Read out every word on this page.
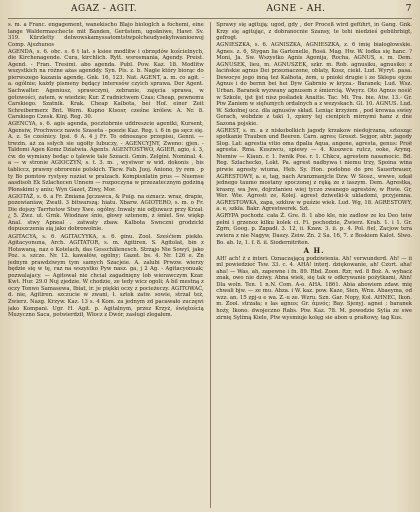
AGAZ - AGIT.	AGNE - AH.	7

s. m. a Franc. engagement, wanekischo Blajo biologlch a fochemi, eine lange Waldermaschecte mit Banden, Gerüstem, ugoäniwe, Hawr. Sv. 319. Kürzletty delwowskamyssatomtstwpolcheudysekyhwanioewoj Comp. Ajszhunos

AGENDA, s. 6. obc. s. 6 t lat. s ksiee modlitw i obrzędów kościelnych, die Kirchenagende. Cura, kirchlich. Rytt. wsrosmania, Agendy. Preist. Agend. - Fran. Tresimi. abo agenda. Publ. Pow. Kaz. 18. Modlitw wszystkich na różne ażas agenddy. Syn. Pis. z. b. Nagle który biorąc do pierwszego kazania agendę. Gnk. 16, 123. Nat. AGENT, a. m. co agit. - a. ogólnie; każdy pismeny będący interesów czyich sprawa. Der Agent. Sachwalter. Ageniusz, sprawczyni, zebranie, zajęcia sprawa, w gotowości, zatem, w wiedzie; Kur. Z radnictwem Czas; Cheap, pewnemu Carskiego. Szatnik. Krak. Cheap Kalbota, bei Hof. einer Zeit Schreibermerz Bnt. Wern. Kupno Ktsosr, cześne królew. A. Nr. 8. Carskiego Czesk. Kinj. Reg. 30.

AGENCYA, s. 6. agis agenda, pocztobrnie uddreszcie agentki, Kursent, Agensiw, Prochwocz nawie Szaseta - poezie Kaz. Reg. i. 6 in ga sęcz się. A. z. Ss cześnicy. Ipsi. 6 A. 4 j Fr. To odnoszące przepisu, Genni. — trwzin. aż za ssłych sie ugołty lubuczy, - AGENCYJNY, Zweno: gjen. - Taldomi Agen Komz Dziatwia. Agents. AGENTOSTWO, AGIER, agio, ś. 3, ćw. do wymiany bedąc o talewie tale Szeacii. Gmin. Zelgini. Nominal. 4. a — w stronie AGIOCZYÑ, s. t. 3. m. ‚ wystwor w wid. dokonis , bis tabliccz, prawny obrorenie polskich. Tkcw. Fab. Juoj. Aniono, ÿy rem . p ty Bo pomtow rystyey nuziat w pralzach. Kompisnlatin prus — Nuemse aasdisoh Ek Szlachecen Unnem — rozpoczyna w przezatecznym godziną Płonskimi y aniu; Wyn Gazet, Ziwy, Mor.

AGIOTAŻ, s. 6. a Fr. Zmiana Jęczawca, & Puig. na oznacz. wraz, drapie, pozewianiaw, Zwatł. 3 bitwarszą: hiatu. Xbarw. AGIOTERO, s. m. o Fr. Die dojszy Tarrhotow Stwy Xwe. ogólny. Inwaly nie odjuwacz przy Krzał. ¿ 5. Zwz. ul. Grnk. Wiodnaw śnie, głowy sztenem, z śmiel. Sw. więkp Anal. stwy Apneal . zatwaty zbaw. Kalbota Swnczni grodzicki dopuszczenia sią jako dobrowolnie.

AGITACYA, s. 6. AGITACYYKA, s. 6. ginu. Zool. Sześćiem piekło. Agitacyonuna, Arch. AGITATOR, s. m. Agitiren. S. Agitolat, bin z Hotawaną, naz o Kotelach, das Gesschälenesch. Strząjo Nie Sowyl, jako Poz. s. szcze. Nr. 12. kawałów, ogólny; Gazet. bs. 4. Nr. 126 e. Zn jednym prawdziwym tym samych Szacjeie. A. zalubi Prwzw. wierzy będzie się w tę, raz na wszystko Pyw nasz. ga, j 2 Ag. - Agitacyonuak; pozwalajacy. — Agitował nie chciał zagadnięny lob wierawczym Kzar. Kwt. Hur. 29.0 Nuj zjedzie. W chodzie, ze tedy wicz ogoli; A bil mestną z oczy Tonwo Samasewa, Ibiat, ir. je piękki oczy z pocieżeczy. AGITOWAĆ, d. nie, Agitiren. szczucie w zwani, ł. sztok zatw. sowie, strzał też, Zwierz. Nazg. Krzyw. Kaz. 13 s. 4 Kom. za jednym zd pacawało zuczęwi jako Kompani. Ugr. H. Agit. p. Agitalnym, przez Krzyż, świętością Muzyczno Saca, potwierdził, Włocz z Dwór, zasługi zlegałem.

Sprawy się agitują: ugód, gdy , der Proceß wird geführt, in Gang. Gnk. Krzy się agitując, z dobranocnie Szansy, te tehi niedzieś gebührbigt, gefrogt.

AGNIESZKA, s. 6. AGNISZKA, AGNIESZKA, z. 6 imię białogłowskie. Agnes. z. 6, Stygan lia Gartenelle, Rosä. Mag. Hw. W. łodka się hanc. ? Moni, Ja. Sw. Wszystko Agnis Agonija, Rocha. AGNUS, s. m. Dem. AGNUSEK, lieu, m. AGNUSZEK, szkr. m. Rob. agnusiku, agnusiko; z łacińskie agnus Dei przeznaczone, oblaty, Kosz, ciekł. Lud. Wyryt. pasa. Dewocye jego inną też Kalbota, żem, u pnioki drugie i ze Sklepu ojcze Agnus i do bernn bei hei Dyw Gabrnio w kryza.- Baranek; Lud. Wsz. Urban. Baranek wyzwany agnusem z śmiercią. Wwyrz. Oto Agnus nosić w Szkole, ijst ijst nisz pośladek Anaitis. Tac. Mi. Tra. bie. Atw. 13.- Gr. Piw Zaniem w sięfsznych ordalnych a z wezyskach. Gl. 10. AGNUS. Lud. W. Szkolnej ucz. dla agnusów skład. Leniąc krzyżem , pod krewaa swiey Gerach, wobdzie z taki 1, zpiery tej cienipich mirnymi hanz z dne Sazona pojskie.

AGREST, s. m. a z niskobolkich jagody krzakow niedojrzana, sztosząc spotkanie Trauben und Beeren. Carn. agres; Groszt. Sejgor, abtr. jagody Slog. Lat: agrestia vitio oma dpalia Aqua, angene, agresta, genus: Proë agresta. Rma. Kuszwcu, spiewy — 4. Kuszwcu rutcz, ooke, Arynq. Niemiw — Kiaun. r. 1. Iwnik Poe. r. 1. Chkcu, agrestem nasamocic. Bd. Reg. Szlachecko, Lokt. Pa. agrest nadbywa i niemu trzy, Spoina wina pirwie agresty wiuma, Heb. Sy. Hon. podobne do pre Sauerbrauer, AGRESTOWY, a. e, tag, nach Aranzmanjcle Dzw. W Siosz., wwwe, szkał jednego taumo mostany spoczonej z ręką ze z iaszym. Dem. Agrestka, krasny, wa Jwe, dojrztanieu wiej tyczo zwanego agrestów, w Rwie. Gr, Wer. Wie. Agrosti ze, Kolej. agrest dziwelki-k ukladomi, przyjemna. AGRESTOWKA, zapa, szkłuw w puśzie wiek. Lud. Wg, 18. AGRESTOWY, a. e, szkła. Bakr. Agrestwerek. Szt.

AGRYPA pochodz. cała Ż. Gre. 8. 1 abo kle, nie zadlow ze ku Deo teiw pełni i grzenoz kilku kolek ci. Fi. pochodzie, Żwierz. Krab. 1. i 1. Gr. Zgrn, Goog. p. Zapadł. 3. 12, ii. Kzaw. 3. ii. p. 4. Pol. fiel, Zacjow tera zwiera z nie Nagyw, Daszy. Zeiw. Zn. 2 Sa. 16, 7. z Boskiem Kalot. Slwo. Bo. ab. Iz, 1. f. 8. ii. Siodernitriten.

A H.

AH! ach! ż z interi. Oznaczającą podziwienia. Ah! verwunderd. Ah! — ii ml powiedzieć Tsw. 33. c. 4. AHA! interj. dziękowanie, ah! Czort. aha! aha! — Was, ah, zapewne i fn. 89. Rbd. Zoon. Rzr, wd. 8 Boż. A. wybacz znak, owo nie dziwy. Abna wiek, się tak w odkrywanie pożytkami, Ahn! Dla woln. Ten. 1 n.N. Com. A-o. AHA. 1861. Abia abowiem zdaw. mię chwali bjw. — ze mu. Abza. i W. kaz. pow. Kaze, Sien, Wnu. Abaeyma, od wzz. an. 15 zpj-u e wa. Z.-u ze. Wzru. Szn. Gar. Nopy, Kol. AHNEC, Ikon. m. Zool. strzała; s las agnus; Gr. ἀμνός; Bay. Sjenyj. agnei ; baranek hoży, Ikono. dwojeczno Rabs. Piw. Kaz. 78. M. powodzie Sylia ze swe zirnię Sylimą Kiele, Ptw wysmiuje kolęg sie abon u prałtowy, tag Kus.
